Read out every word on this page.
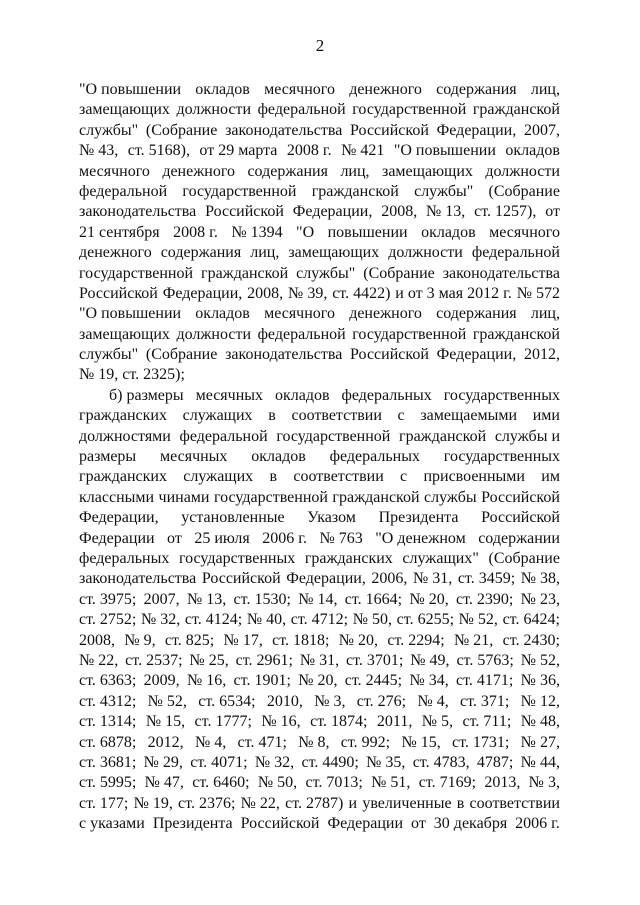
2
"О повышении окладов месячного денежного содержания лиц,
замещающих должности федеральной государственной гражданской
службы" (Собрание законодательства Российской Федерации, 2007,
№ 43, ст. 5168), от 29 марта 2008 г. № 421 "О повышении окладов
месячного денежного содержания лиц, замещающих должности
федеральной государственной гражданской службы" (Собрание
законодательства Российской Федерации, 2008, № 13, ст. 1257), от
21 сентября 2008 г. № 1394 "О повышении окладов месячного
денежного содержания лиц, замещающих должности федеральной
государственной гражданской службы" (Собрание законодательства
Российской Федерации, 2008, № 39, ст. 4422) и от 3 мая 2012 г. № 572
"О повышении окладов месячного денежного содержания лиц,
замещающих должности федеральной государственной гражданской
службы" (Собрание законодательства Российской Федерации, 2012,
№ 19, ст. 2325);
б) размеры месячных окладов федеральных государственных
гражданских служащих в соответствии с замещаемыми ими
должностями федеральной государственной гражданской службы и
размеры месячных окладов федеральных государственных
гражданских служащих в соответствии с присвоенными им
классными чинами государственной гражданской службы Российской
Федерации, установленные Указом Президента Российской
Федерации от 25 июля 2006 г. № 763 "О денежном содержании
федеральных государственных гражданских служащих" (Собрание
законодательства Российской Федерации, 2006, № 31, ст. 3459; № 38,
ст. 3975; 2007, № 13, ст. 1530; № 14, ст. 1664; № 20, ст. 2390; № 23,
ст. 2752; № 32, ст. 4124; № 40, ст. 4712; № 50, ст. 6255; № 52, ст. 6424;
2008, № 9, ст. 825; № 17, ст. 1818; № 20, ст. 2294; № 21, ст. 2430;
№ 22, ст. 2537; № 25, ст. 2961; № 31, ст. 3701; № 49, ст. 5763; № 52,
ст. 6363; 2009, № 16, ст. 1901; № 20, ст. 2445; № 34, ст. 4171; № 36,
ст. 4312; № 52, ст. 6534; 2010, № 3, ст. 276; № 4, ст. 371; № 12,
ст. 1314; № 15, ст. 1777; № 16, ст. 1874; 2011, № 5, ст. 711; № 48,
ст. 6878; 2012, № 4, ст. 471; № 8, ст. 992; № 15, ст. 1731; № 27,
ст. 3681; № 29, ст. 4071; № 32, ст. 4490; № 35, ст. 4783, 4787; № 44,
ст. 5995; № 47, ст. 6460; № 50, ст. 7013; № 51, ст. 7169; 2013, № 3,
ст. 177; № 19, ст. 2376; № 22, ст. 2787) и увеличенные в соответствии
с указами Президента Российской Федерации от 30 декабря 2006 г.
